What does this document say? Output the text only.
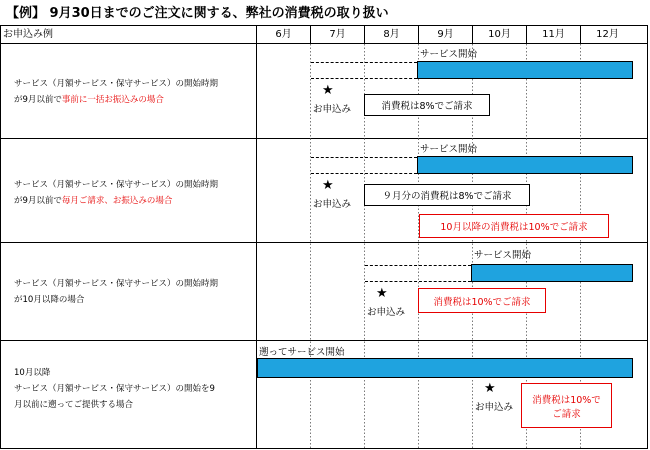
【例】 9月30日までのご注文に関する、弊社の消費税の取り扱い
お申込み例	6月	7月	8月	9月	10月	11月	12月
サービス（月額サービス・保守サービス）の開始時期
が9月以前で事前に一括お振込みの場合
サービス開始
★
お申込み	消費税は8%でご請求
サービス（月額サービス・保守サービス）の開始時期
が9月以前で毎月ご請求、お振込みの場合
サービス開始
★
お申込み
９月分の消費税は8%でご請求
10月以降の消費税は10%でご請求
サービス（月額サービス・保守サービス）の開始時期
が10月以降の場合
サービス開始
★
お申込み
消費税は10%でご請求
10月以降
サービス（月額サービス・保守サービス）の開始を9
月以前に遡ってご提供する場合
遡ってサービス開始
★
お申込み
消費税は10%で
ご請求
